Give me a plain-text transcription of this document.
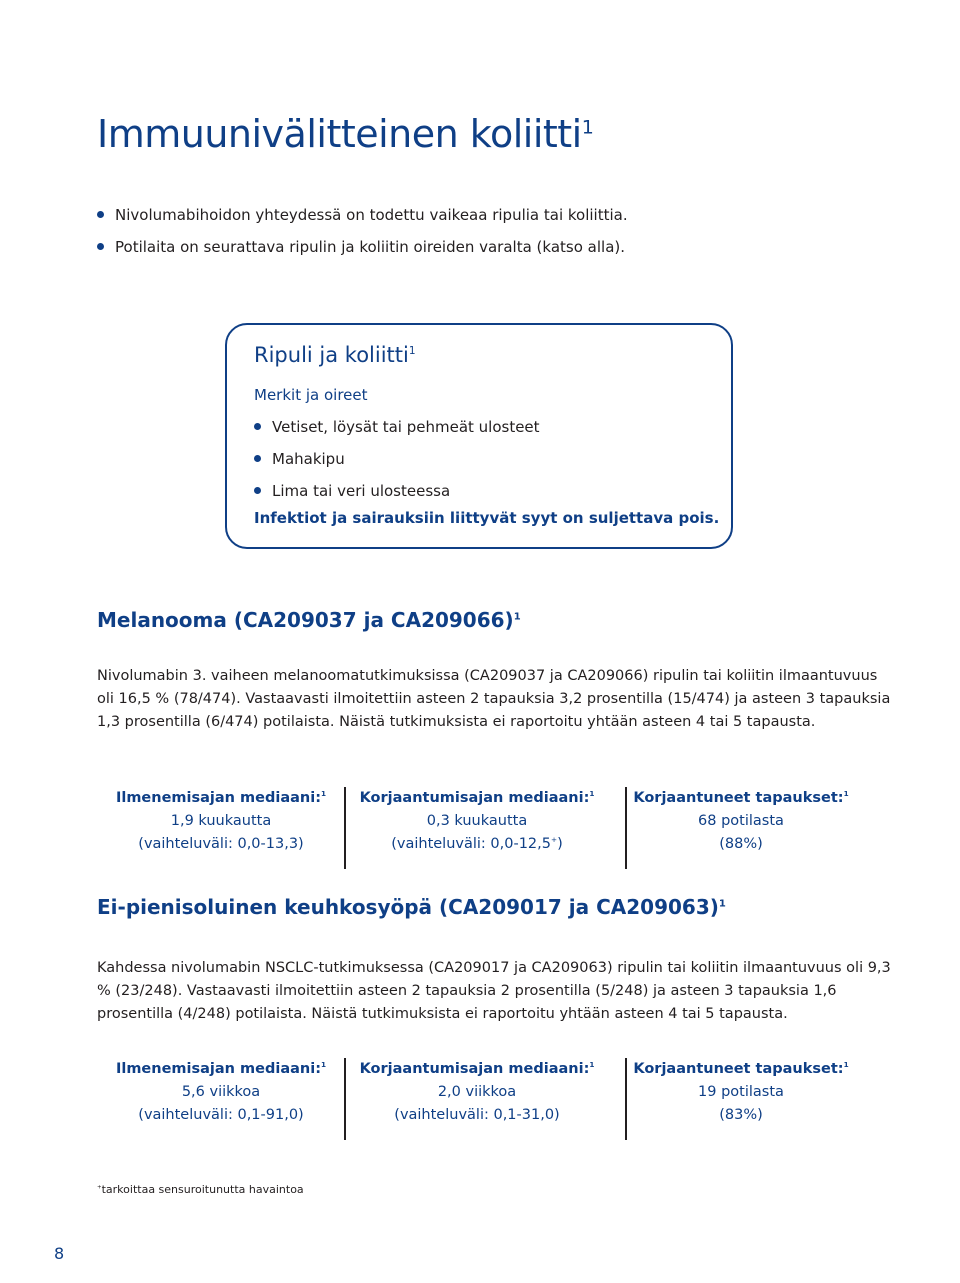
Immuunivälitteinen koliitti$^1$
Nivolumabihoidon yhteydessä on todettu vaikeaa ripulia tai koliittia.
Potilaita on seurattava ripulin ja koliitin oireiden varalta (katso alla).
Ripuli ja koliitti$^1$
Merkit ja oireet
Vetiset, löysät tai pehmeät ulosteet
Mahakipu
Lima tai veri ulosteessa
Infektiot ja sairauksiin liittyvät syyt on suljettava pois.
Melanooma (CA209037 ja CA209066)$^1$

Nivolumabin 3. vaiheen melanoomatutkimuksissa (CA209037 ja CA209066) ripulin tai koliitin ilmaantuvuus oli 16,5 % (78/474). Vastaavasti ilmoitettiin asteen 2 tapauksia 3,2 prosentilla (15/474) ja asteen 3 tapauksia 1,3 prosentilla (6/474) potilaista. Näistä tutkimuksista ei raportoitu yhtään asteen 4 tai 5 tapausta.

Ilmenemisajan mediaani:$^1$
1,9 kuukautta
(vaihteluväli: 0,0-13,3)
Korjaantumisajan mediaani:$^1$
0,3 kuukautta
(vaihteluväli: 0,0-12,5+)
Korjaantuneet tapaukset:$^1$
68 potilasta
(88%)
Ei-pienisoluinen keuhkosyöpä (CA209017 ja CA209063)$^1$

Kahdessa nivolumabin NSCLC-tutkimuksessa (CA209017 ja CA209063) ripulin tai koliitin ilmaantuvuus oli 9,3 % (23/248). Vastaavasti ilmoitettiin asteen 2 tapauksia 2 prosentilla (5/248) ja asteen 3 tapauksia 1,6 prosentilla (4/248) potilaista. Näistä tutkimuksista ei raportoitu yhtään asteen 4 tai 5 tapausta.

Ilmenemisajan mediaani:$^1$
5,6 viikkoa
(vaihteluväli: 0,1-91,0)
Korjaantumisajan mediaani:$^1$
2,0 viikkoa
(vaihteluväli: 0,1-31,0)
Korjaantuneet tapaukset:$^1$
19 potilasta
(83%)
+tarkoittaa sensuroitunutta havaintoa
8
